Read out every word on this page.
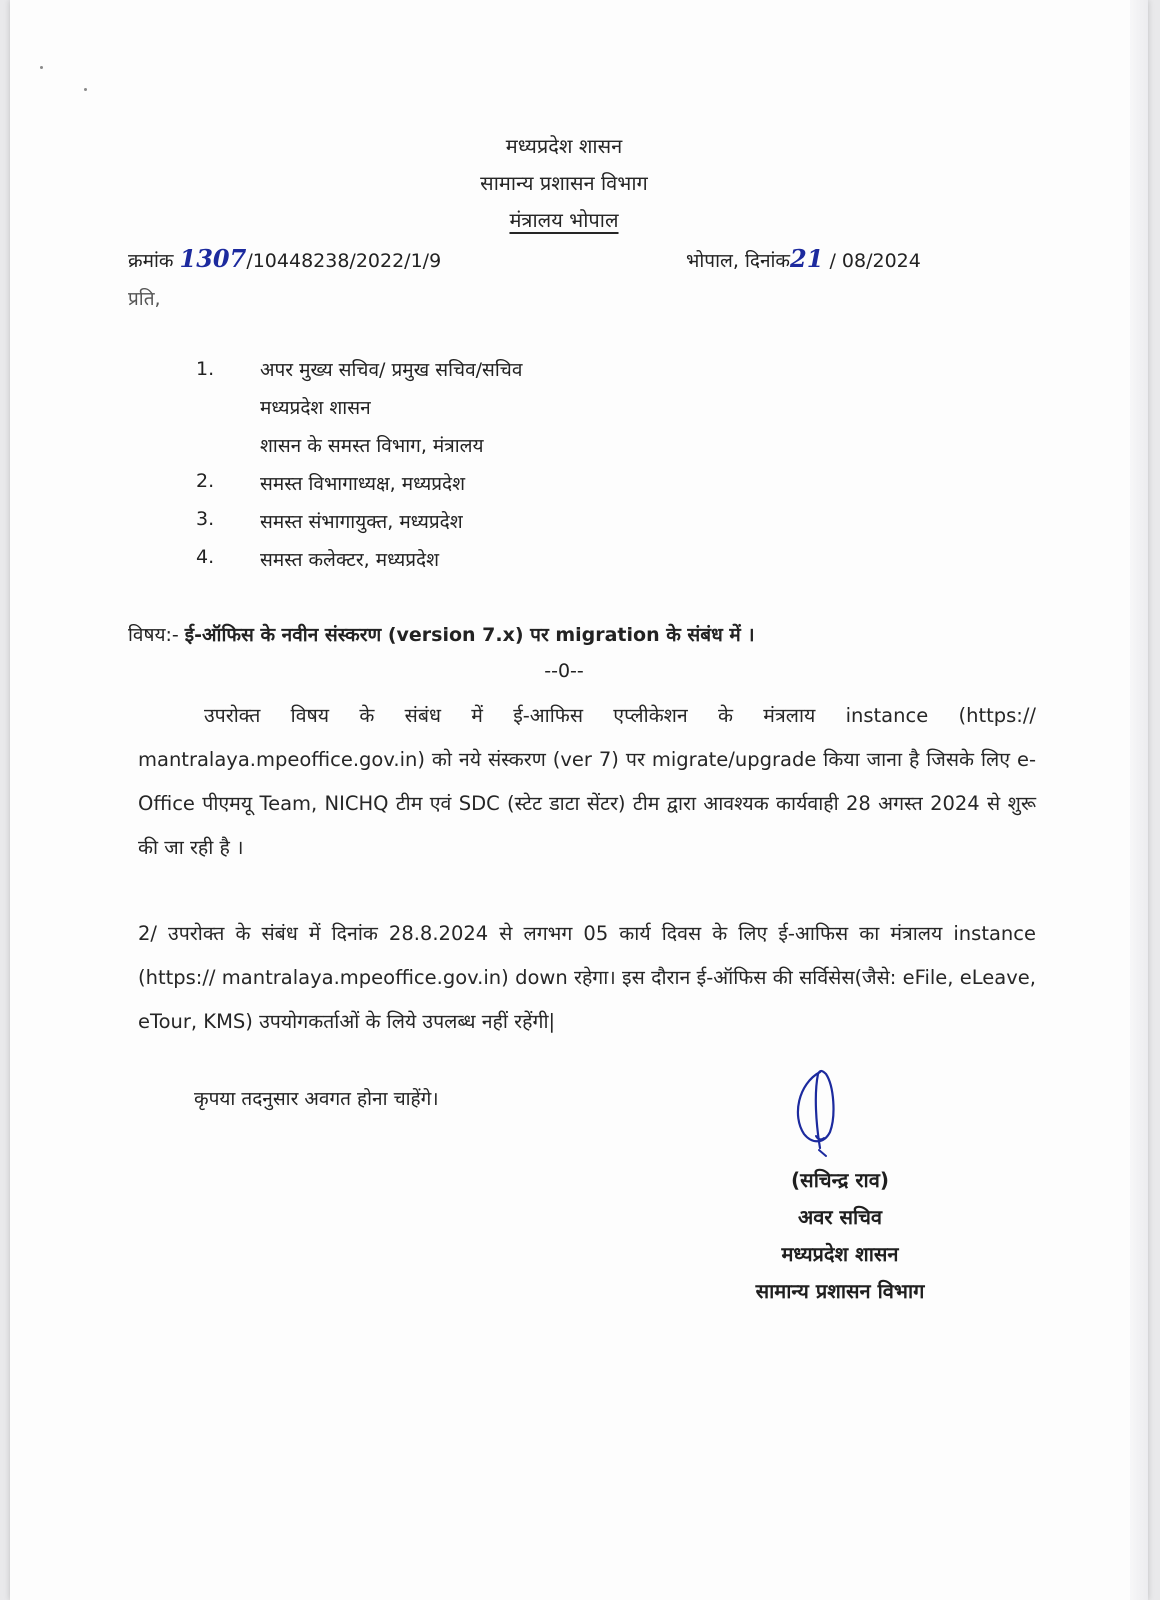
मध्यप्रदेश शासन
सामान्य प्रशासन विभाग
मंत्रालय भोपाल
क्रमांक 1307/10448238/2022/1/9	भोपाल, दिनांक21 / 08/2024
प्रति,
1. अपर मुख्य सचिव/ प्रमुख सचिव/सचिव
मध्यप्रदेश शासन
शासन के समस्त विभाग, मंत्रालय
2. समस्त विभागाध्यक्ष, मध्यप्रदेश
3. समस्त संभागायुक्त, मध्यप्रदेश
4. समस्त कलेक्टर, मध्यप्रदेश
विषय:- ई-ऑफिस के नवीन संस्करण (version 7.x) पर migration के संबंध में ।
--0--
उपरोक्त विषय के संबंध में ई-आफिस एप्लीकेशन के मंत्रलाय instance (https:// mantralaya.mpeoffice.gov.in) को नये संस्करण (ver 7) पर migrate/upgrade किया जाना है जिसके लिए e-Office पीएमयू Team, NICHQ टीम एवं SDC (स्टेट डाटा सेंटर) टीम द्वारा आवश्यक कार्यवाही 28 अगस्त 2024 से शुरू की जा रही है ।
2/ उपरोक्त के संबंध में दिनांक 28.8.2024 से लगभग 05 कार्य दिवस के लिए ई-आफिस का मंत्रालय instance (https:// mantralaya.mpeoffice.gov.in) down रहेगा। इस दौरान ई-ऑफिस की सर्विसेस(जैसे: eFile, eLeave, eTour, KMS) उपयोगकर्ताओं के लिये उपलब्ध नहीं रहेंगी|
कृपया तदनुसार अवगत होना चाहेंगे।
(सचिन्द्र राव)
अवर सचिव
मध्यप्रदेश शासन
सामान्य प्रशासन विभाग
